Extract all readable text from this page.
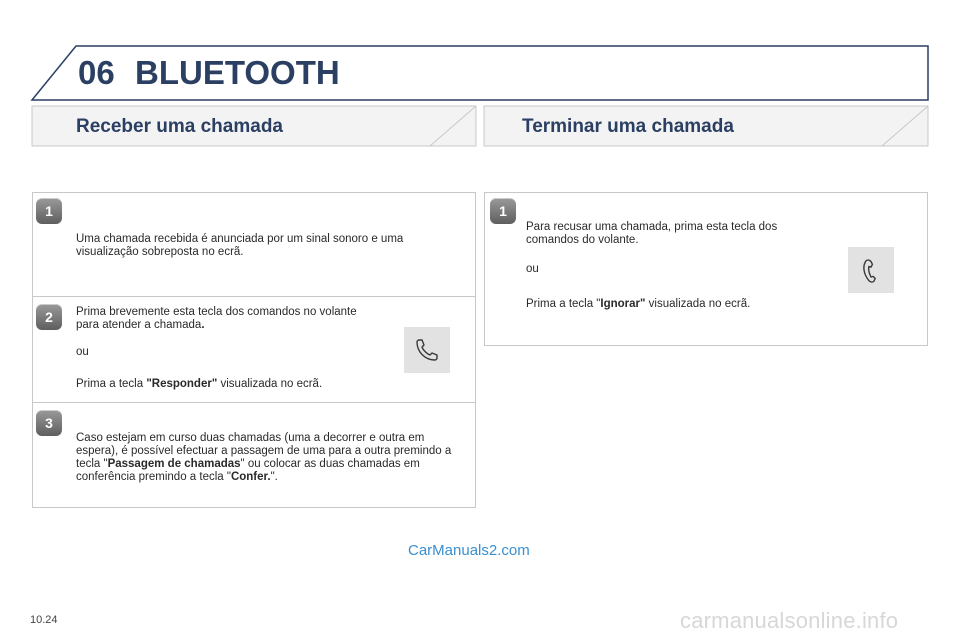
06 BLUETOOTH
Receber uma chamada	Terminar uma chamada
1
Uma chamada recebida é anunciada por um sinal sonoro e uma visualização sobreposta no ecrã.
2	Prima brevemente esta tecla dos comandos no volante para atender a chamada.
ou
Prima a tecla "Responder" visualizada no ecrã.
3
Caso estejam em curso duas chamadas (uma a decorrer e outra em espera), é possível efectuar a passagem de uma para a outra premindo a tecla "Passagem de chamadas" ou colocar as duas chamadas em conferência premindo a tecla "Confer.".
1
Para recusar uma chamada, prima esta tecla dos comandos do volante.
ou
Prima a tecla "Ignorar" visualizada no ecrã.
CarManuals2.com
10.24	carmanualsonline.info
